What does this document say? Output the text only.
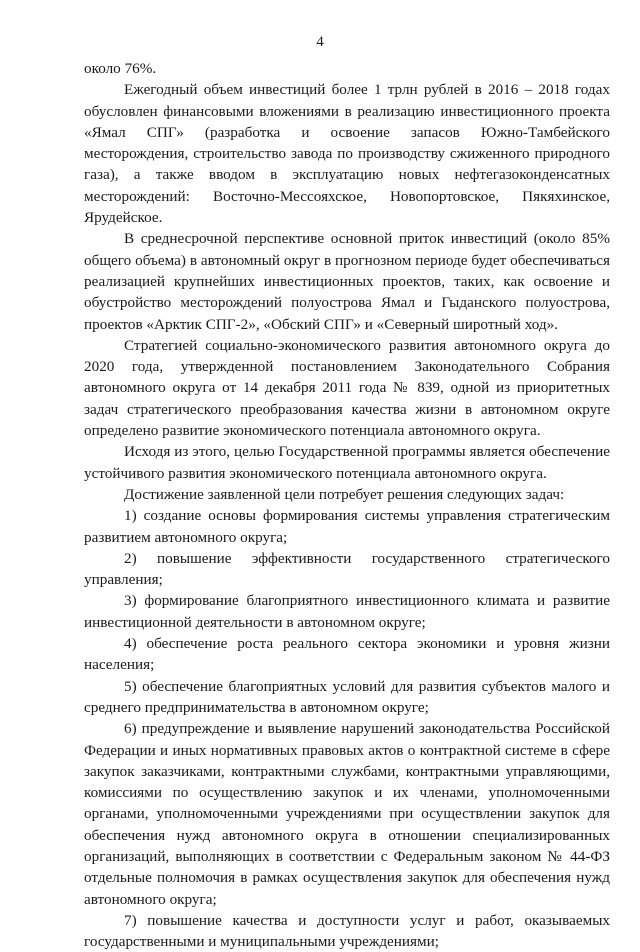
4

около 76%.

Ежегодный объем инвестиций более 1 трлн рублей в 2016 – 2018 годах обусловлен финансовыми вложениями в реализацию инвестиционного проекта «Ямал СПГ» (разработка и освоение запасов Южно-Тамбейского месторождения, строительство завода по производству сжиженного природного газа), а также вводом в эксплуатацию новых нефтегазоконденсатных месторождений: Восточно-Мессояхское, Новопортовское, Пякяхинское, Ярудейское.

В среднесрочной перспективе основной приток инвестиций (около 85% общего объема) в автономный округ в прогнозном периоде будет обеспечиваться реализацией крупнейших инвестиционных проектов, таких, как освоение и обустройство месторождений полуострова Ямал и Гыданского полуострова, проектов «Арктик СПГ-2», «Обский СПГ» и «Северный широтный ход».

Стратегией социально-экономического развития автономного округа до 2020 года, утвержденной постановлением Законодательного Собрания автономного округа от 14 декабря 2011 года № 839, одной из приоритетных задач стратегического преобразования качества жизни в автономном округе определено развитие экономического потенциала автономного округа.

Исходя из этого, целью Государственной программы является обеспечение устойчивого развития экономического потенциала автономного округа.

Достижение заявленной цели потребует решения следующих задач:

1) создание основы формирования системы управления стратегическим развитием автономного округа;

2) повышение эффективности государственного стратегического управления;

3) формирование благоприятного инвестиционного климата и развитие инвестиционной деятельности в автономном округе;

4) обеспечение роста реального сектора экономики и уровня жизни населения;

5) обеспечение благоприятных условий для развития субъектов малого и среднего предпринимательства в автономном округе;

6) предупреждение и выявление нарушений законодательства Российской Федерации и иных нормативных правовых актов о контрактной системе в сфере закупок заказчиками, контрактными службами, контрактными управляющими, комиссиями по осуществлению закупок и их членами, уполномоченными органами, уполномоченными учреждениями при осуществлении закупок для обеспечения нужд автономного округа в отношении специализированных организаций, выполняющих в соответствии с Федеральным законом № 44-ФЗ отдельные полномочия в рамках осуществления закупок для обеспечения нужд автономного округа;

7) повышение качества и доступности услуг и работ, оказываемых государственными и муниципальными учреждениями;
